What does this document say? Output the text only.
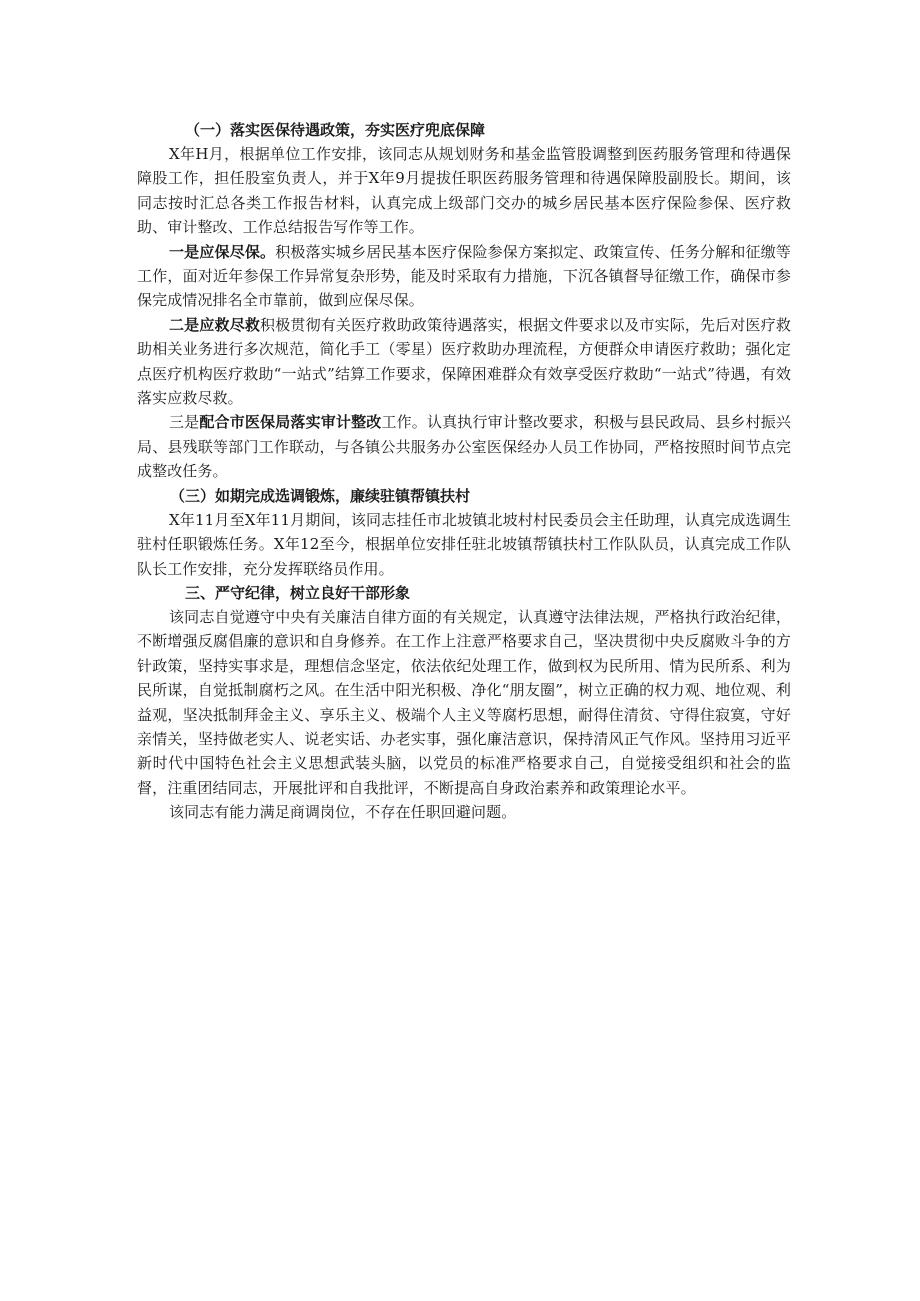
（一）落实医保待遇政策，夯实医疗兜底保障

X年H月，根据单位工作安排，该同志从规划财务和基金监管股调整到医药服务管理和待遇保障股工作，担任股室负责人，并于X年9月提拔任职医药服务管理和待遇保障股副股长。期间，该同志按时汇总各类工作报告材料，认真完成上级部门交办的城乡居民基本医疗保险参保、医疗救助、审计整改、工作总结报告写作等工作。

一是应保尽保。积极落实城乡居民基本医疗保险参保方案拟定、政策宣传、任务分解和征缴等工作，面对近年参保工作异常复杂形势，能及时采取有力措施，下沉各镇督导征缴工作，确保市参保完成情况排名全市靠前，做到应保尽保。

二是应救尽救积极贯彻有关医疗救助政策待遇落实，根据文件要求以及市实际，先后对医疗救助相关业务进行多次规范，简化手工（零星）医疗救助办理流程，方便群众申请医疗救助；强化定点医疗机构医疗救助“一站式”结算工作要求，保障困难群众有效享受医疗救助“一站式”待遇，有效落实应救尽救。

三是配合市医保局落实审计整改工作。认真执行审计整改要求，积极与县民政局、县乡村振兴局、县残联等部门工作联动，与各镇公共服务办公室医保经办人员工作协同，严格按照时间节点完成整改任务。

（三）如期完成选调锻炼，廉续驻镇帮镇扶村

X年11月至X年11月期间，该同志挂任市北坡镇北坡村村民委员会主任助理，认真完成选调生驻村任职锻炼任务。X年12至今，根据单位安排任驻北坡镇帮镇扶村工作队队员，认真完成工作队队长工作安排，充分发挥联络员作用。

三、严守纪律，树立良好干部形象

该同志自觉遵守中央有关廉洁自律方面的有关规定，认真遵守法律法规，严格执行政治纪律，不断增强反腐倡廉的意识和自身修养。在工作上注意严格要求自己，坚决贯彻中央反腐败斗争的方针政策，坚持实事求是，理想信念坚定，依法依纪处理工作，做到权为民所用、情为民所系、利为民所谋，自觉抵制腐朽之风。在生活中阳光积极、净化“朋友圈”，树立正确的权力观、地位观、利益观，坚决抵制拜金主义、享乐主义、极端个人主义等腐朽思想，耐得住清贫、守得住寂寞，守好亲情关，坚持做老实人、说老实话、办老实事，强化廉洁意识，保持清风正气作风。坚持用习近平新时代中国特色社会主义思想武装头脑，以党员的标准严格要求自己，自觉接受组织和社会的监督，注重团结同志，开展批评和自我批评，不断提高自身政治素养和政策理论水平。

该同志有能力满足商调岗位，不存在任职回避问题。
